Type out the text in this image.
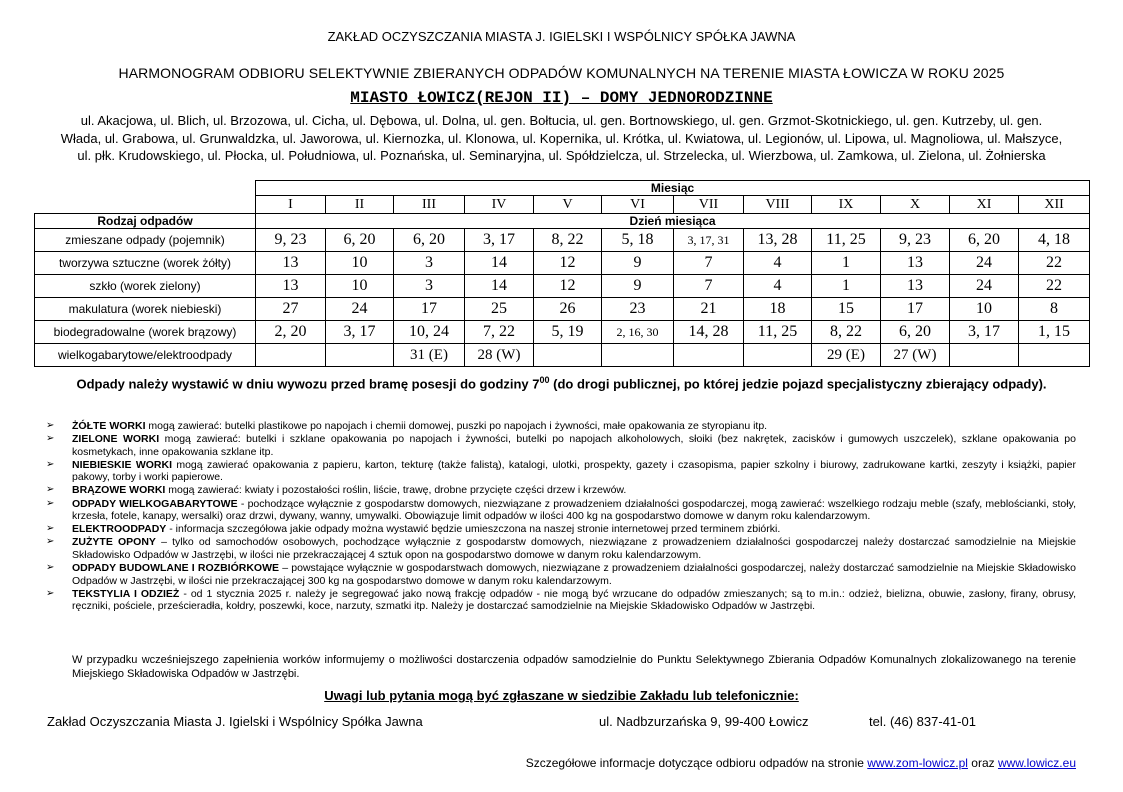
ZAKŁAD OCZYSZCZANIA MIASTA J. IGIELSKI I WSPÓLNICY SPÓŁKA JAWNA
HARMONOGRAM ODBIORU SELEKTYWNIE ZBIERANYCH ODPADÓW KOMUNALNYCH NA TERENIE MIASTA ŁOWICZA W ROKU 2025
MIASTO ŁOWICZ(REJON II) – DOMY JEDNORODZINNE
ul. Akacjowa, ul. Blich, ul. Brzozowa, ul. Cicha, ul. Dębowa, ul. Dolna, ul. gen. Bołtucia, ul. gen. Bortnowskiego, ul. gen. Grzmot-Skotnickiego, ul. gen. Kutrzeby, ul. gen. Włada, ul. Grabowa, ul. Grunwaldzka, ul. Jaworowa, ul. Kiernozka, ul. Klonowa, ul. Kopernika, ul. Krótka, ul. Kwiatowa, ul. Legionów, ul. Lipowa, ul. Magnoliowa, ul. Małszyce, ul. płk. Krudowskiego, ul. Płocka, ul. Południowa, ul. Poznańska, ul. Seminaryjna, ul. Spółdzielcza, ul. Strzelecka, ul. Wierzbowa, ul. Zamkowa, ul. Zielona, ul. Żołnierska
	Miesiąc											
	I	II	III	IV	V	VI	VII	VIII	IX	X	XI	XII
Rodzaj odpadów	Dzień miesiąca											
zmieszane odpady (pojemnik)	9, 23	6, 20	6, 20	3, 17	8, 22	5, 18	3, 17, 31	13, 28	11, 25	9, 23	6, 20	4, 18
tworzywa sztuczne (worek żółty)	13	10	3	14	12	9	7	4	1	13	24	22
szkło (worek zielony)	13	10	3	14	12	9	7	4	1	13	24	22
makulatura (worek niebieski)	27	24	17	25	26	23	21	18	15	17	10	8
biodegradowalne (worek brązowy)	2, 20	3, 17	10, 24	7, 22	5, 19	2, 16, 30	14, 28	11, 25	8, 22	6, 20	3, 17	1, 15
wielkogabarytowe/elektroodpady			31 (E)	28 (W)					29 (E)	27 (W)		
Odpady należy wystawić w dniu wywozu przed bramę posesji do godziny $7^{00}$ (do drogi publicznej, po której jedzie pojazd specjalistyczny zbierający odpady).
➢ ŻÓŁTE WORKI mogą zawierać: butelki plastikowe po napojach i chemii domowej, puszki po napojach i żywności, małe opakowania ze styropianu itp.
➢ ZIELONE WORKI mogą zawierać: butelki i szklane opakowania po napojach i żywności, butelki po napojach alkoholowych, słoiki (bez nakrętek, zacisków i gumowych uszczelek), szklane opakowania po kosmetykach, inne opakowania szklane itp.
➢ NIEBIESKIE WORKI mogą zawierać opakowania z papieru, karton, tekturę (także falistą), katalogi, ulotki, prospekty, gazety i czasopisma, papier szkolny i biurowy, zadrukowane kartki, zeszyty i książki, papier pakowy, torby i worki papierowe.
➢ BRĄZOWE WORKI mogą zawierać: kwiaty i pozostałości roślin, liście, trawę, drobne przycięte części drzew i krzewów.
➢ ODPADY WIELKOGABARYTOWE - pochodzące wyłącznie z gospodarstw domowych, niezwiązane z prowadzeniem działalności gospodarczej, mogą zawierać: wszelkiego rodzaju meble (szafy, meblościanki, stoły, krzesła, fotele, kanapy, wersalki) oraz drzwi, dywany, wanny, umywalki. Obowiązuje limit odpadów w ilości 400 kg na gospodarstwo domowe w danym roku kalendarzowym.
➢ ELEKTROODPADY - informacja szczegółowa jakie odpady można wystawić będzie umieszczona na naszej stronie internetowej przed terminem zbiórki.
➢ ZUŻYTE OPONY – tylko od samochodów osobowych, pochodzące wyłącznie z gospodarstw domowych, niezwiązane z prowadzeniem działalności gospodarczej należy dostarczać samodzielnie na Miejskie Składowisko Odpadów w Jastrzębi, w ilości nie przekraczającej 4 sztuk opon na gospodarstwo domowe w danym roku kalendarzowym.
➢ ODPADY BUDOWLANE I ROZBIÓRKOWE – powstające wyłącznie w gospodarstwach domowych, niezwiązane z prowadzeniem działalności gospodarczej, należy dostarczać samodzielnie na Miejskie Składowisko Odpadów w Jastrzębi, w ilości nie przekraczającej 300 kg na gospodarstwo domowe w danym roku kalendarzowym.
➢ TEKSTYLIA I ODZIEŻ - od 1 stycznia 2025 r. należy je segregować jako nową frakcję odpadów - nie mogą być wrzucane do odpadów zmieszanych; są to m.in.: odzież, bielizna, obuwie, zasłony, firany, obrusy, ręczniki, pościele, prześcieradła, kołdry, poszewki, koce, narzuty, szmatki itp. Należy je dostarczać samodzielnie na Miejskie Składowisko Odpadów w Jastrzębi.
W przypadku wcześniejszego zapełnienia worków informujemy o możliwości dostarczenia odpadów samodzielnie do Punktu Selektywnego Zbierania Odpadów Komunalnych zlokalizowanego na terenie Miejskiego Składowiska Odpadów w Jastrzębi.
Uwagi lub pytania mogą być zgłaszane w siedzibie Zakładu lub telefonicznie:
Zakład Oczyszczania Miasta J. Igielski i Wspólnicy Spółka Jawna	ul. Nadbzurzańska 9, 99-400 Łowicz	tel. (46) 837-41-01
Szczegółowe informacje dotyczące odbioru odpadów na stronie www.zom-lowicz.pl oraz www.lowicz.eu
